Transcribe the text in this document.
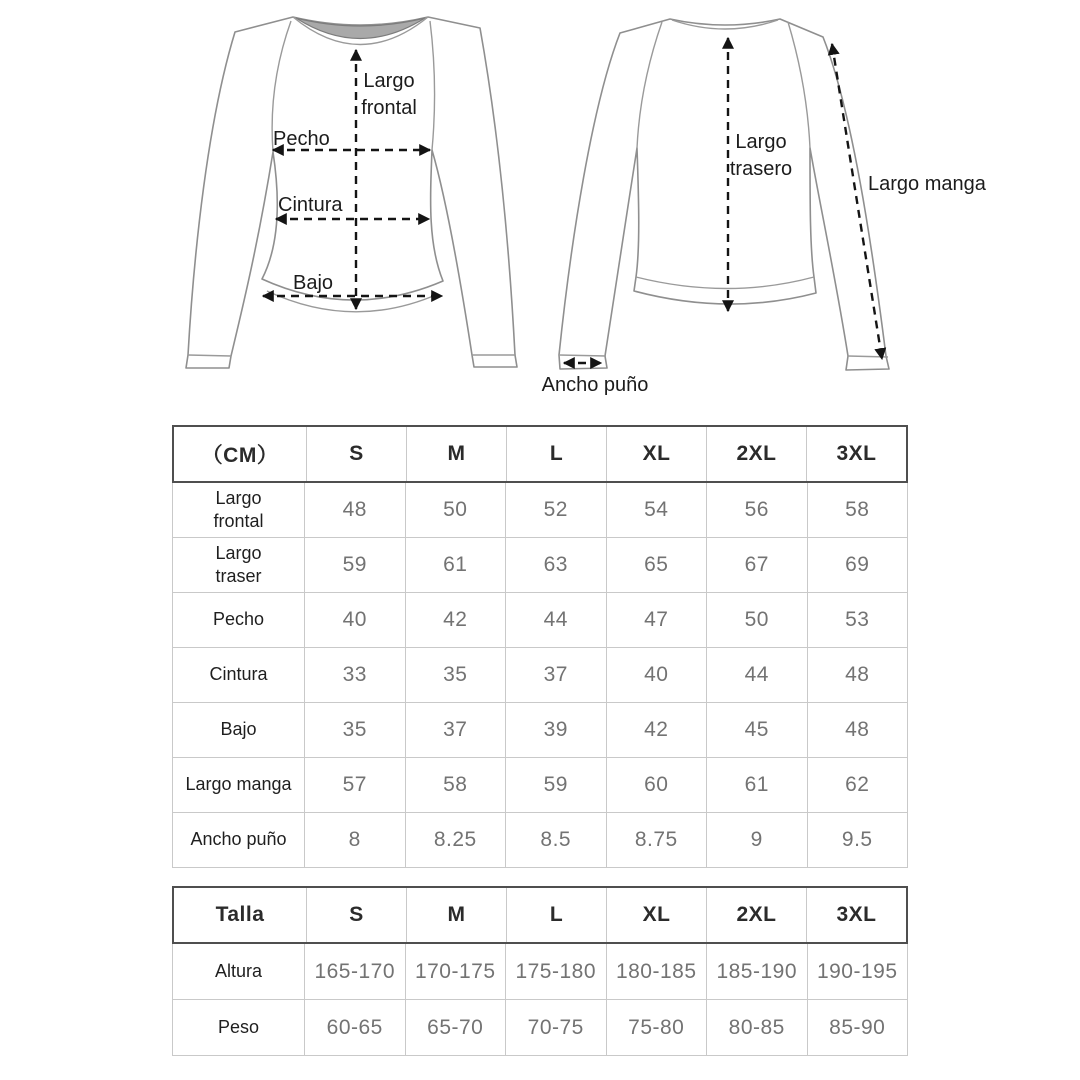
Largo
frontal
Pecho
Cintura
Bajo
Largo
trasero
Largo manga
Ancho puño
（CM）	S	M	L	XL	2XL	3XL
Largo
frontal	48	50	52	54	56	58
Largo
traser	59	61	63	65	67	69
Pecho	40	42	44	47	50	53
Cintura	33	35	37	40	44	48
Bajo	35	37	39	42	45	48
Largo manga	57	58	59	60	61	62
Ancho puño	8	8.25	8.5	8.75	9	9.5
Talla	S	M	L	XL	2XL	3XL
Altura	165-170 170-175 175-180 180-185 185-190 190-195
Peso	60-65	65-70	70-75	75-80	80-85	85-90
